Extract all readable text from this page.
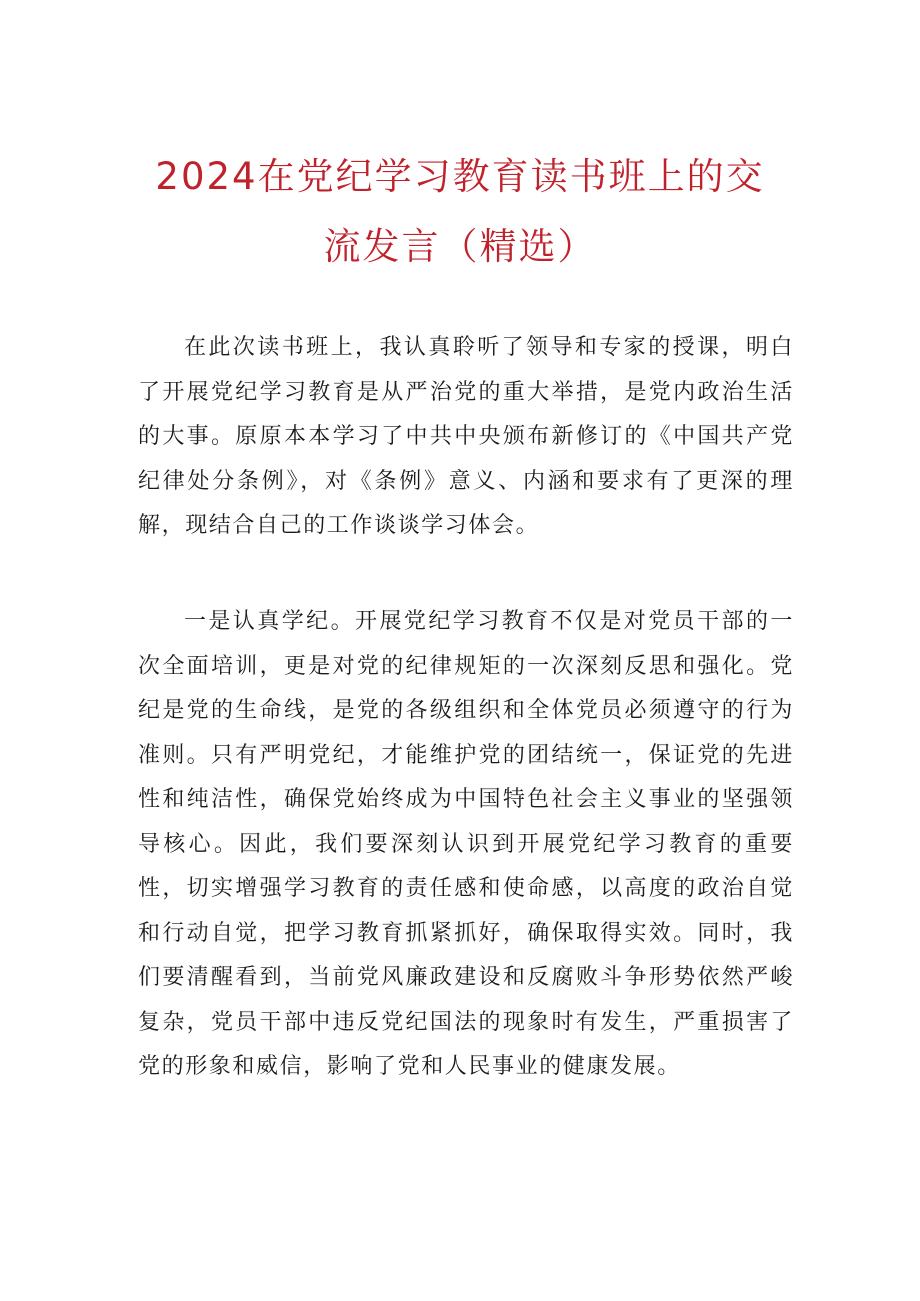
2024在党纪学习教育读书班上的交
流发言（精选）

在此次读书班上，我认真聆听了领导和专家的授课，明白了开展党纪学习教育是从严治党的重大举措，是党内政治生活的大事。原原本本学习了中共中央颁布新修订的《中国共产党纪律处分条例》，对《条例》意义、内涵和要求有了更深的理解，现结合自己的工作谈谈学习体会。

一是认真学纪。开展党纪学习教育不仅是对党员干部的一次全面培训，更是对党的纪律规矩的一次深刻反思和强化。党纪是党的生命线，是党的各级组织和全体党员必须遵守的行为准则。只有严明党纪，才能维护党的团结统一，保证党的先进性和纯洁性，确保党始终成为中国特色社会主义事业的坚强领导核心。因此，我们要深刻认识到开展党纪学习教育的重要性，切实增强学习教育的责任感和使命感，以高度的政治自觉和行动自觉，把学习教育抓紧抓好，确保取得实效。同时，我们要清醒看到，当前党风廉政建设和反腐败斗争形势依然严峻复杂，党员干部中违反党纪国法的现象时有发生，严重损害了党的形象和威信，影响了党和人民事业的健康发展。
